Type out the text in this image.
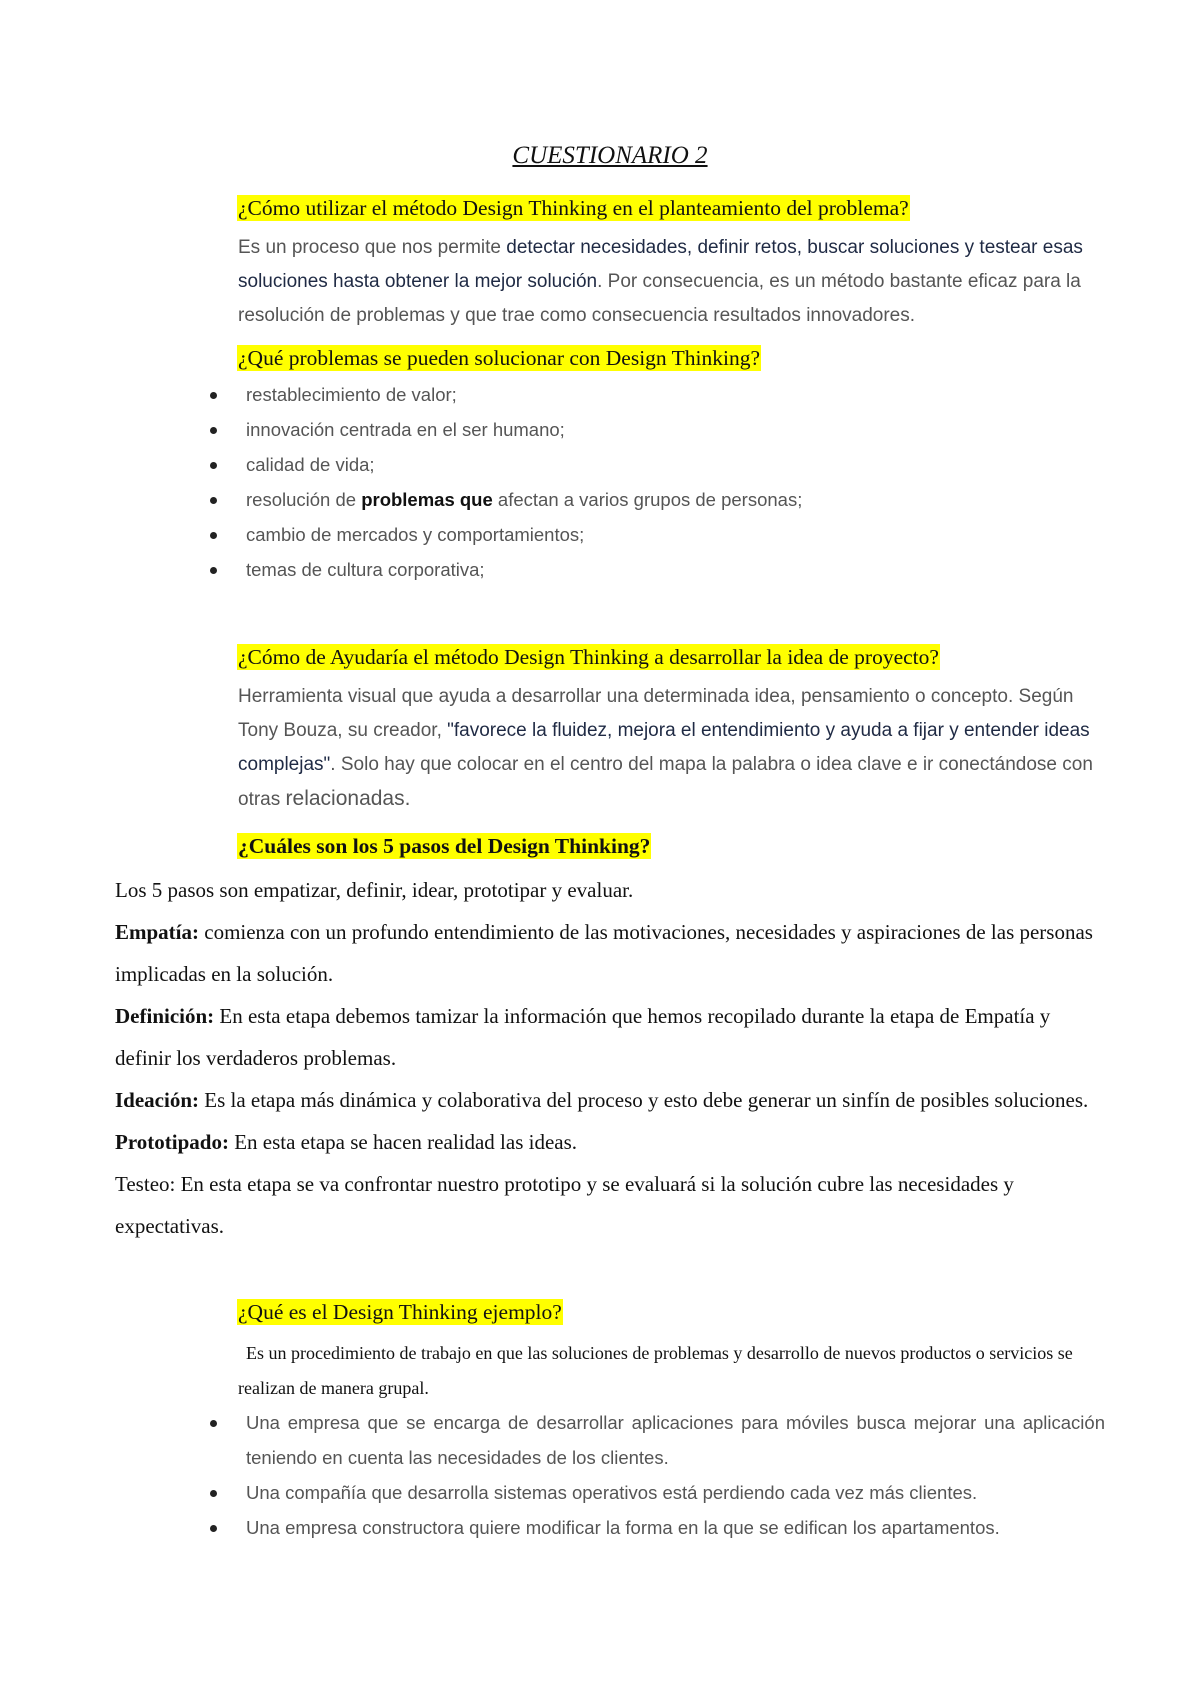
CUESTIONARIO 2
¿Cómo utilizar el método Design Thinking en el planteamiento del problema?
Es un proceso que nos permite detectar necesidades, definir retos, buscar soluciones y testear esas soluciones hasta obtener la mejor solución. Por consecuencia, es un método bastante eficaz para la resolución de problemas y que trae como consecuencia resultados innovadores.
¿Qué problemas se pueden solucionar con Design Thinking?
restablecimiento de valor;
innovación centrada en el ser humano;
calidad de vida;
resolución de problemas que afectan a varios grupos de personas;
cambio de mercados y comportamientos;
temas de cultura corporativa;
¿Cómo de Ayudaría el método Design Thinking a desarrollar la idea de proyecto?
Herramienta visual que ayuda a desarrollar una determinada idea, pensamiento o concepto. Según Tony Bouza, su creador, "favorece la fluidez, mejora el entendimiento y ayuda a fijar y entender ideas complejas". Solo hay que colocar en el centro del mapa la palabra o idea clave e ir conectándose con otras relacionadas.
¿Cuáles son los 5 pasos del Design Thinking?
Los 5 pasos son empatizar, definir, idear, prototipar y evaluar.
Empatía: comienza con un profundo entendimiento de las motivaciones, necesidades y aspiraciones de las personas implicadas en la solución.
Definición: En esta etapa debemos tamizar la información que hemos recopilado durante la etapa de Empatía y definir los verdaderos problemas.
Ideación: Es la etapa más dinámica y colaborativa del proceso y esto debe generar un sinfín de posibles soluciones.
Prototipado: En esta etapa se hacen realidad las ideas.
Testeo: En esta etapa se va confrontar nuestro prototipo y se evaluará si la solución cubre las necesidades y expectativas.
¿Qué es el Design Thinking ejemplo?
Es un procedimiento de trabajo en que las soluciones de problemas y desarrollo de nuevos productos o servicios se realizan de manera grupal.
Una empresa que se encarga de desarrollar aplicaciones para móviles busca mejorar una aplicación teniendo en cuenta las necesidades de los clientes.
Una compañía que desarrolla sistemas operativos está perdiendo cada vez más clientes.
Una empresa constructora quiere modificar la forma en la que se edifican los apartamentos.
